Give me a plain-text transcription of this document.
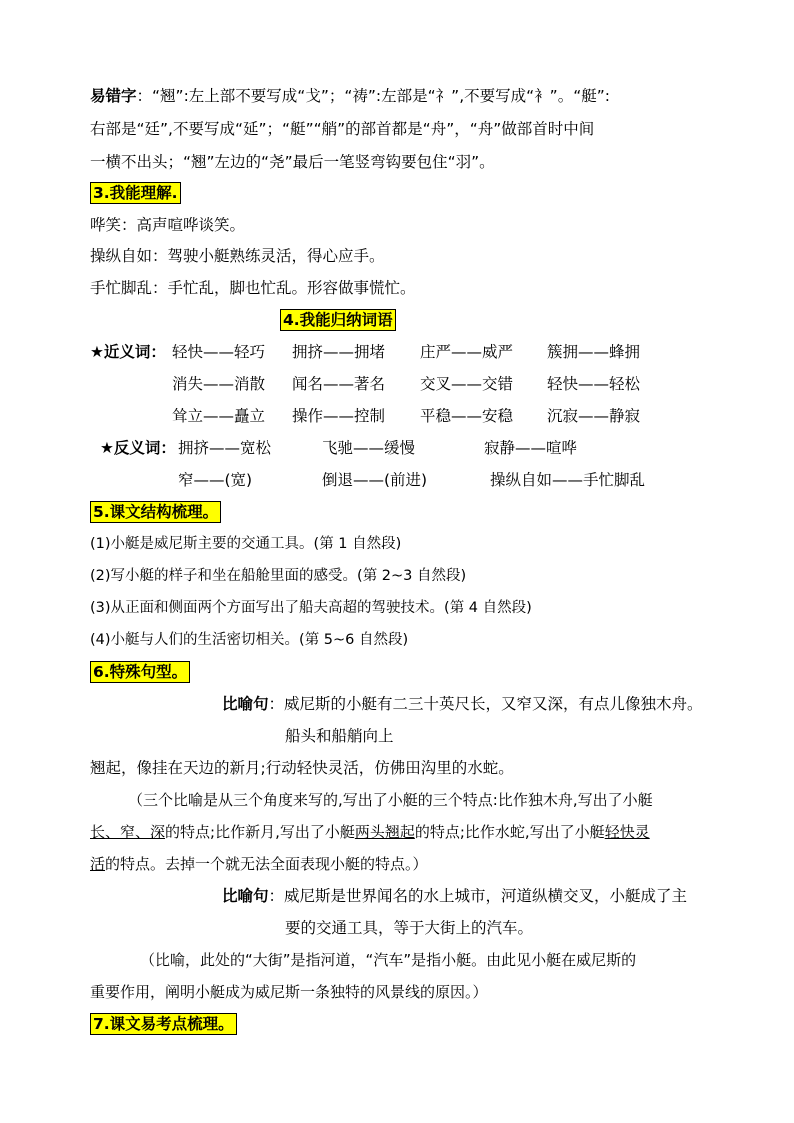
易错字：“翘”:左上部不要写成“戈”；“祷”:左部是“礻”,不要写成“衤”。“艇”:
右部是“廷”,不要写成“延”；“艇”“艄”的部首都是“舟”，“舟”做部首时中间
一横不出头；“翘”左边的“尧”最后一笔竖弯钩要包住“羽”。
3.我能理解.
哗笑：高声喧哗谈笑。
操纵自如：驾驶小艇熟练灵活，得心应手。
手忙脚乱：手忙乱，脚也忙乱。形容做事慌忙。
4.我能归纳词语
★近义词： 轻快——轻巧 拥挤——拥堵 庄严——威严 簇拥——蜂拥
消失——消散 闻名——著名 交叉——交错 轻快——轻松
耸立——矗立 操作——控制 平稳——安稳 沉寂——静寂
★反义词： 拥挤——宽松	飞驰——缓慢	寂静——喧哗
窄——(宽)	倒退——(前进)	操纵自如——手忙脚乱
5.课文结构梳理。
(1)小艇是威尼斯主要的交通工具。(第 1 自然段)
(2)写小艇的样子和坐在船舱里面的感受。(第 2~3 自然段)
(3)从正面和侧面两个方面写出了船夫高超的驾驶技术。(第 4 自然段)
(4)小艇与人们的生活密切相关。(第 5~6 自然段)
6.特殊句型。
比喻句：威尼斯的小艇有二三十英尺长，又窄又深，有点儿像独木舟。
船头和船艄向上
翘起，像挂在天边的新月;行动轻快灵活，仿佛田沟里的水蛇。
（三个比喻是从三个角度来写的,写出了小艇的三个特点:比作独木舟,写出了小艇
长、窄、深的特点;比作新月,写出了小艇两头翘起的特点;比作水蛇,写出了小艇轻快灵
活的特点。去掉一个就无法全面表现小艇的特点。）
比喻句：威尼斯是世界闻名的水上城市，河道纵横交叉，小艇成了主
要的交通工具，等于大街上的汽车。
（比喻，此处的“大街”是指河道，“汽车”是指小艇。由此见小艇在威尼斯的
重要作用，阐明小艇成为威尼斯一条独特的风景线的原因。）
7.课文易考点梳理。
